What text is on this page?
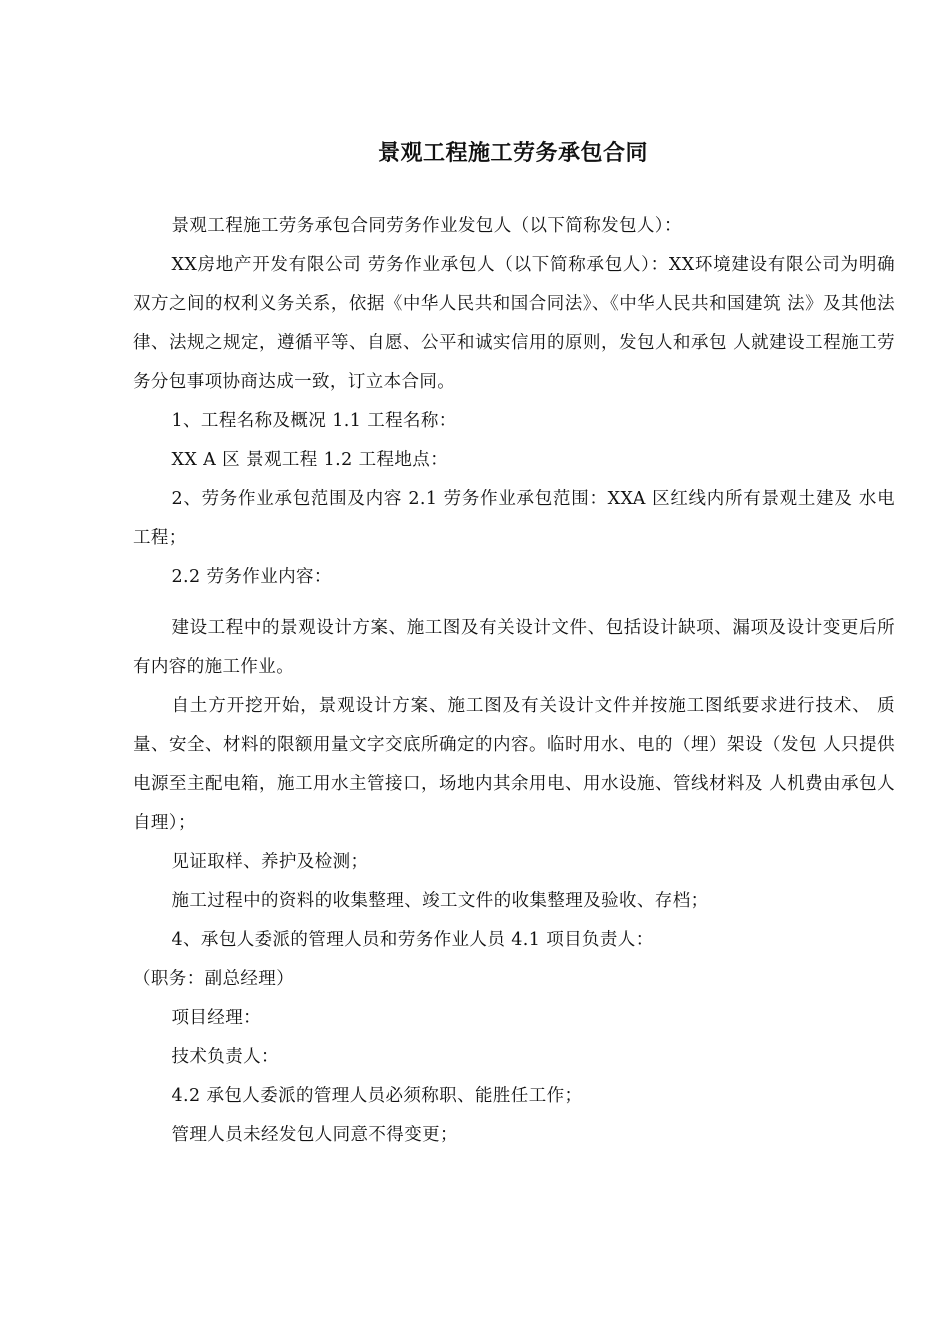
景观工程施工劳务承包合同

景观工程施工劳务承包合同劳务作业发包人（以下简称发包人）：

XX房地产开发有限公司 劳务作业承包人（以下简称承包人）：XX环境建设有限公司为明确双方之间的权利义务关系，依据《中华人民共和国合同法》、《中华人民共和国建筑 法》及其他法律、法规之规定，遵循平等、自愿、公平和诚实信用的原则，发包人和承包 人就建设工程施工劳务分包事项协商达成一致，订立本合同。

1、工程名称及概况 1.1 工程名称：

XX A 区 景观工程 1.2 工程地点：

2、劳务作业承包范围及内容 2.1 劳务作业承包范围：XXA 区红线内所有景观土建及 水电工程；

2.2 劳务作业内容：

建设工程中的景观设计方案、施工图及有关设计文件、包括设计缺项、漏项及设计变更后所有内容的施工作业。

自土方开挖开始，景观设计方案、施工图及有关设计文件并按施工图纸要求进行技术、 质量、安全、材料的限额用量文字交底所确定的内容。临时用水、电的（埋）架设（发包 人只提供电源至主配电箱，施工用水主管接口，场地内其余用电、用水设施、管线材料及 人机费由承包人自理）；

见证取样、养护及检测；

施工过程中的资料的收集整理、竣工文件的收集整理及验收、存档；

4、承包人委派的管理人员和劳务作业人员 4.1 项目负责人：

（职务：副总经理）

项目经理：

技术负责人：

4.2 承包人委派的管理人员必须称职、能胜任工作；

管理人员未经发包人同意不得变更；
